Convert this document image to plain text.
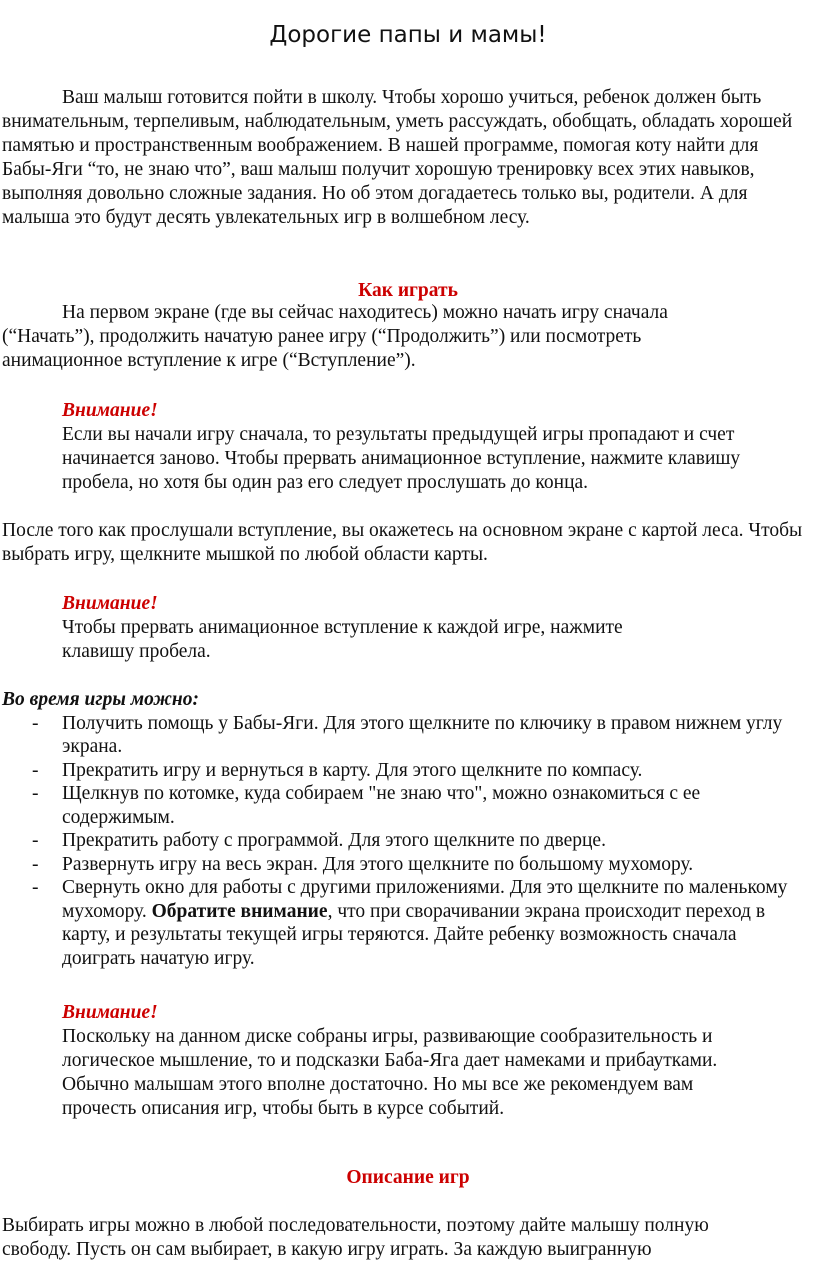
Дорогие папы и мамы!

Ваш малыш готовится пойти в школу. Чтобы хорошо учиться, ребенок должен быть внимательным, терпеливым, наблюдательным, уметь рассуждать, обобщать, обладать хорошей памятью и пространственным воображением. В нашей программе, помогая коту найти для Бабы-Яги “то, не знаю что”, ваш малыш получит хорошую тренировку всех этих навыков, выполняя довольно сложные задания. Но об этом догадаетесь только вы, родители. А для малыша это будут десять увлекательных игр в волшебном лесу.

Как играть

На первом экране (где вы сейчас находитесь) можно начать игру сначала (“Начать”), продолжить начатую ранее игру (“Продолжить”) или посмотреть анимационное вступление к игре (“Вступление”).

Внимание!
Если вы начали игру сначала, то результаты предыдущей игры пропадают и счет начинается заново. Чтобы прервать анимационное вступление, нажмите клавишу пробела, но хотя бы один раз его следует прослушать до конца.
После того как прослушали вступление, вы окажетесь на основном экране с картой леса. Чтобы выбрать игру, щелкните мышкой по любой области карты.
Внимание!
Чтобы прервать анимационное вступление к каждой игре, нажмите клавишу пробела.
Во время игры можно:
- Получить помощь у Бабы-Яги. Для этого щелкните по ключику в правом нижнем углу экрана.
- Прекратить игру и вернуться в карту. Для этого щелкните по компасу.
- Щелкнув по котомке, куда собираем "не знаю что", можно ознакомиться с ее содержимым.
- Прекратить работу с программой. Для этого щелкните по дверце.
- Развернуть игру на весь экран. Для этого щелкните по большому мухомору.
- Свернуть окно для работы с другими приложениями. Для это щелкните по маленькому мухомору. Обратите внимание, что при сворачивании экрана происходит переход в карту, и результаты текущей игры теряются. Дайте ребенку возможность сначала доиграть начатую игру.
Внимание!
Поскольку на данном диске собраны игры, развивающие сообразительность и логическое мышление, то и подсказки Баба-Яга дает намеками и прибаутками. Обычно малышам этого вполне достаточно. Но мы все же рекомендуем вам прочесть описания игр, чтобы быть в курсе событий.
Описание игр
Выбирать игры можно в любой последовательности, поэтому дайте малышу полную свободу. Пусть он сам выбирает, в какую игру играть. За каждую выигранную
